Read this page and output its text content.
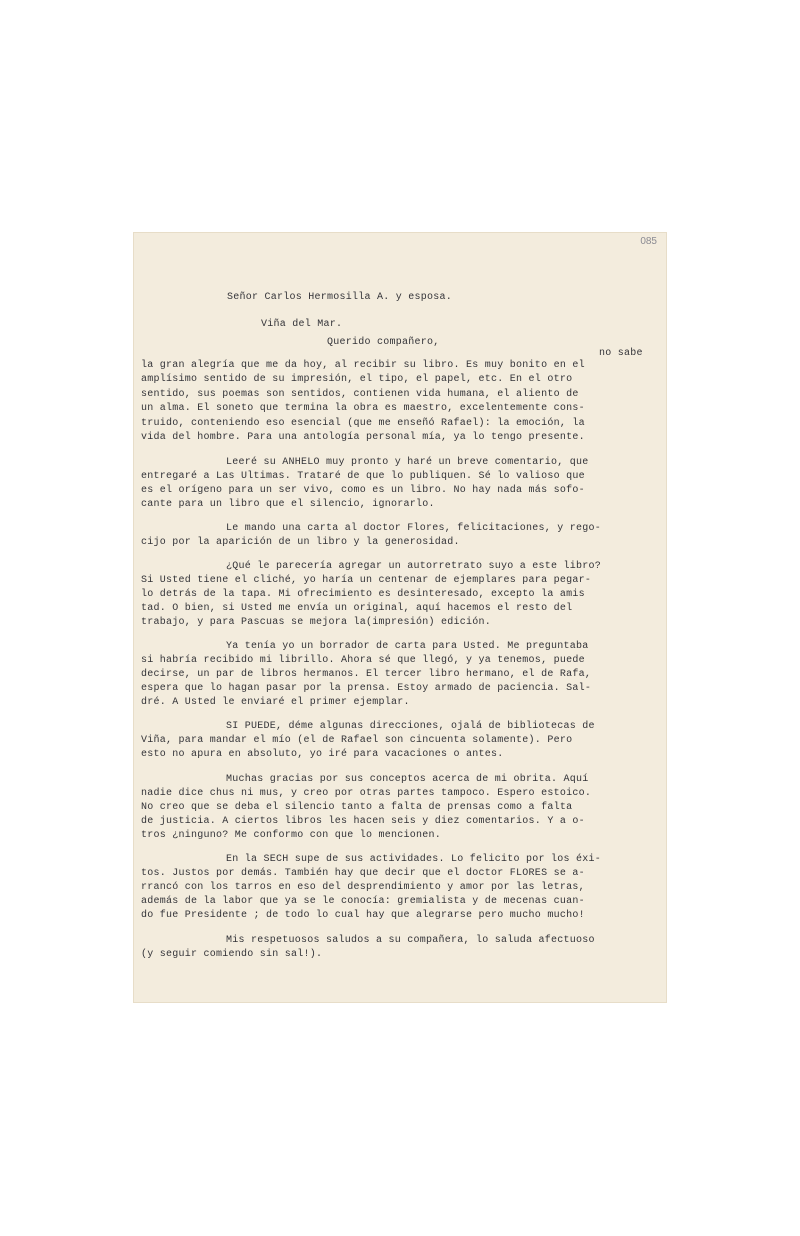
085
Señor Carlos Hermosilla A. y esposa.
Viña del Mar.
Querido compañero,
no sabe
la gran alegría que me da hoy, al recibir su libro. Es muy bonito en el
amplísimo sentido de su impresión, el tipo, el papel, etc. En el otro
sentido, sus poemas son sentidos, contienen vida humana, el aliento de
un alma. El soneto que termina la obra es maestro, excelentemente cons-
truido, conteniendo eso esencial (que me enseñó Rafael): la emoción, la
vida del hombre. Para una antología personal mía, ya lo tengo presente.
Leeré su ANHELO muy pronto y haré un breve comentario, que
entregaré a Las Ultimas. Trataré de que lo publiquen. Sé lo valioso que
es el orígeno para un ser vivo, como es un libro. No hay nada más sofo-
cante para un libro que el silencio, ignorarlo.
Le mando una carta al doctor Flores, felicitaciones, y rego-
cijo por la aparición de un libro y la generosidad.
¿Qué le parecería agregar un autorretrato suyo a este libro?
Si Usted tiene el cliché, yo haría un centenar de ejemplares para pegar-
lo detrás de la tapa. Mi ofrecimiento es desinteresado, excepto la amis
tad. O bien, si Usted me envía un original, aquí hacemos el resto del
trabajo, y para Pascuas se mejora la(impresión) edición.
Ya tenía yo un borrador de carta para Usted. Me preguntaba
si habría recibido mi librillo. Ahora sé que llegó, y ya tenemos, puede
decirse, un par de libros hermanos. El tercer libro hermano, el de Rafa,
espera que lo hagan pasar por la prensa. Estoy armado de paciencia. Sal-
dré. A Usted le enviaré el primer ejemplar.
SI PUEDE, déme algunas direcciones, ojalá de bibliotecas de
Viña, para mandar el mío (el de Rafael son cincuenta solamente). Pero
esto no apura en absoluto, yo iré para vacaciones o antes.
Muchas gracias por sus conceptos acerca de mi obrita. Aquí
nadie dice chus ni mus, y creo por otras partes tampoco. Espero estoico.
No creo que se deba el silencio tanto a falta de prensas como a falta
de justicia. A ciertos libros les hacen seis y diez comentarios. Y a o-
tros ¿ninguno? Me conformo con que lo mencionen.
En la SECH supe de sus actividades. Lo felicito por los éxi-
tos. Justos por demás. También hay que decir que el doctor FLORES se a-
rrancó con los tarros en eso del desprendimiento y amor por las letras,
además de la labor que ya se le conocía: gremialista y de mecenas cuan-
do fue Presidente ; de todo lo cual hay que alegrarse pero mucho mucho!
Mis respetuosos saludos a su compañera, lo saluda afectuoso
(y seguir comiendo sin sal!).
